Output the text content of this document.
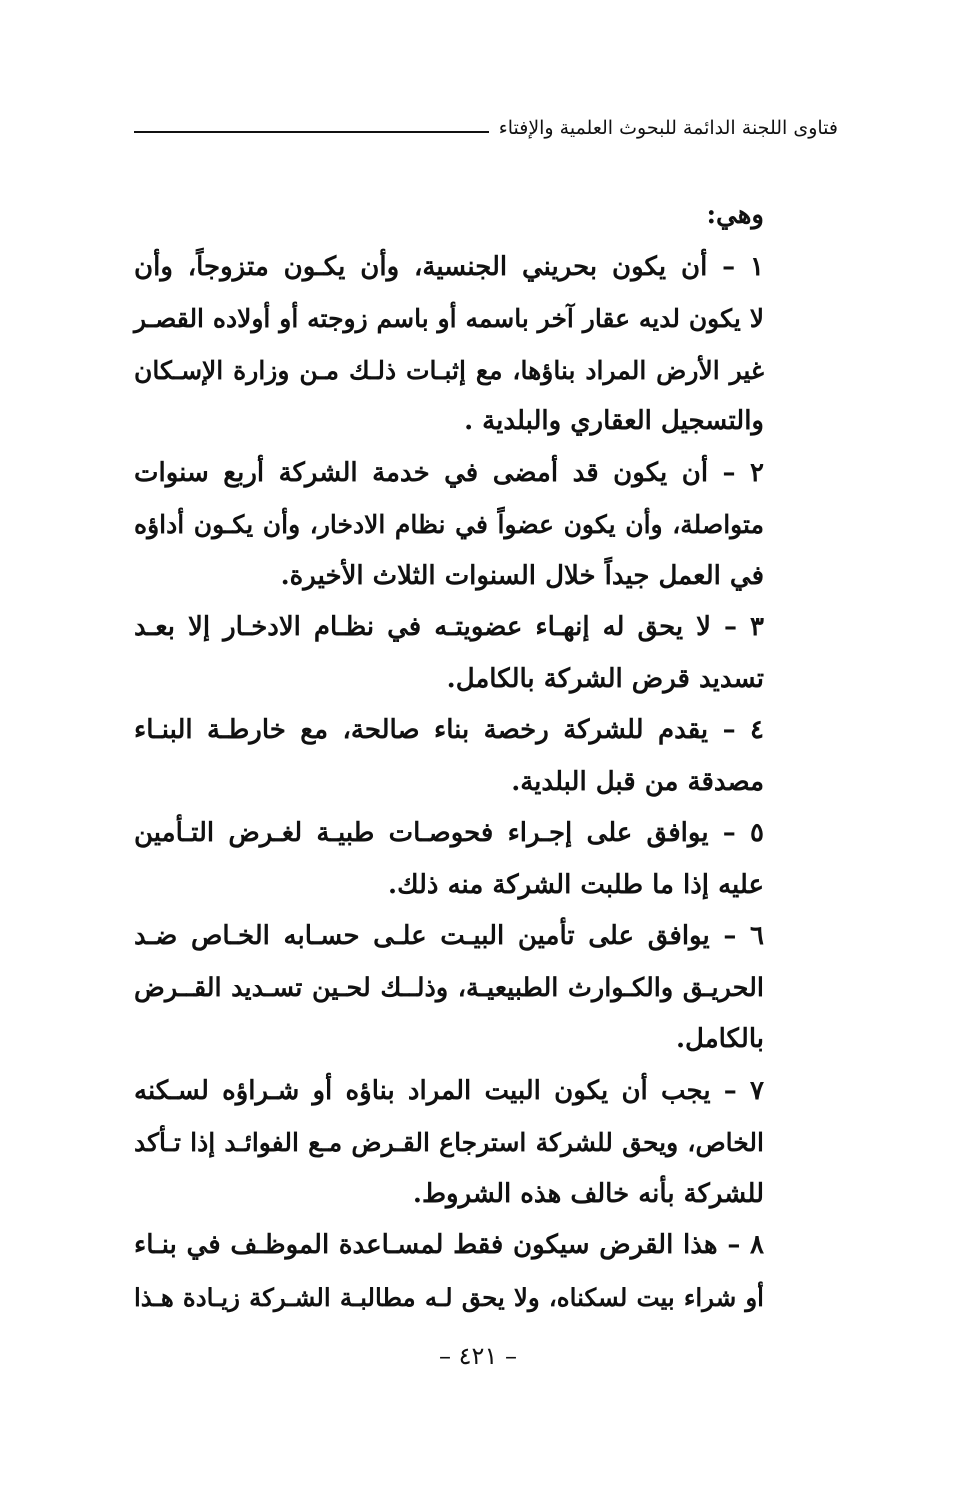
فتاوى اللجنة الدائمة للبحوث العلمية والإفتاء
وهي:
١ – أن يكون بحريني الجنسية، وأن يكـون متزوجاً، وأن
لا يكون لديه عقار آخر باسمه أو باسم زوجته أو أولاده القصـر
غير الأرض المراد بناؤها، مع إثبـات ذلـك مـن وزارة الإسـكان
والتسجيل العقاري والبلدية .
٢ – أن يكون قد أمضى في خدمة الشركة أربع سنوات
متواصلة، وأن يكون عضواً في نظام الادخار، وأن يكـون أداؤه
في العمل جيداً خلال السنوات الثلاث الأخيرة.
٣ – لا يحق له إنهـاء عضويتـه في نظـام الادخـار إلا بعـد
تسديد قرض الشركة بالكامل.
٤ – يقدم للشركة رخصة بناء صالحة، مع خارطـة البنـاء
مصدقة من قبل البلدية.
٥ – يوافق على إجـراء فحوصـات طبيـة لغـرض التـأمين
عليه إذا ما طلبت الشركة منه ذلك.
٦ – يوافق على تأمين البيـت علـى حسـابه الخـاص ضـد
الحريـق والكـوارث الطبيعيـة، وذلــك لحـين تسـديد القــرض
بالكامل.
٧ – يجب أن يكون البيت المراد بناؤه أو شـراؤه لسـكنه
الخاص، ويحق للشركة استرجاع القـرض مـع الفوائـد إذا تـأكد
للشركة بأنه خالف هذه الشروط.
٨ – هذا القرض سيكون فقط لمسـاعدة الموظـف في بنـاء
أو شراء بيت لسكناه، ولا يحق لـه مطالبـة الشـركة زيـادة هـذا
– ٤٢١ –
